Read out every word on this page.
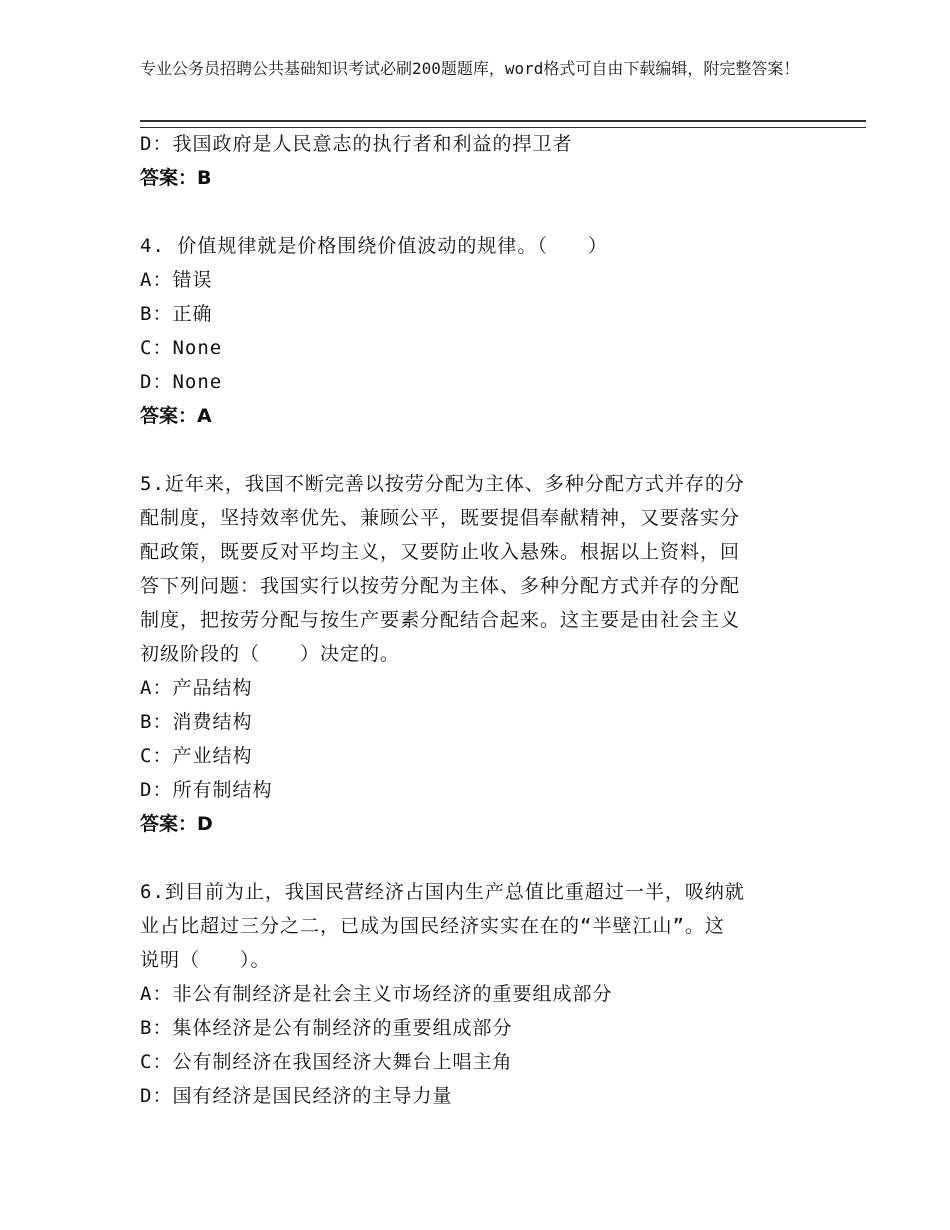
专业公务员招聘公共基础知识考试必刷200题题库，word格式可自由下载编辑，附完整答案！
D：我国政府是人民意志的执行者和利益的捍卫者
答案：B
4. 价值规律就是价格围绕价值波动的规律。（　　）
A：错误
B：正确
C：None
D：None
答案：A
5.近年来，我国不断完善以按劳分配为主体、多种分配方式并存的分
配制度，坚持效率优先、兼顾公平，既要提倡奉献精神，又要落实分
配政策，既要反对平均主义，又要防止收入悬殊。根据以上资料，回
答下列问题：我国实行以按劳分配为主体、多种分配方式并存的分配
制度，把按劳分配与按生产要素分配结合起来。这主要是由社会主义
初级阶段的（　　）决定的。
A：产品结构
B：消费结构
C：产业结构
D：所有制结构
答案：D
6.到目前为止，我国民营经济占国内生产总值比重超过一半，吸纳就
业占比超过三分之二，已成为国民经济实实在在的“半壁江山”。这
说明（　　）。
A：非公有制经济是社会主义市场经济的重要组成部分
B：集体经济是公有制经济的重要组成部分
C：公有制经济在我国经济大舞台上唱主角
D：国有经济是国民经济的主导力量
